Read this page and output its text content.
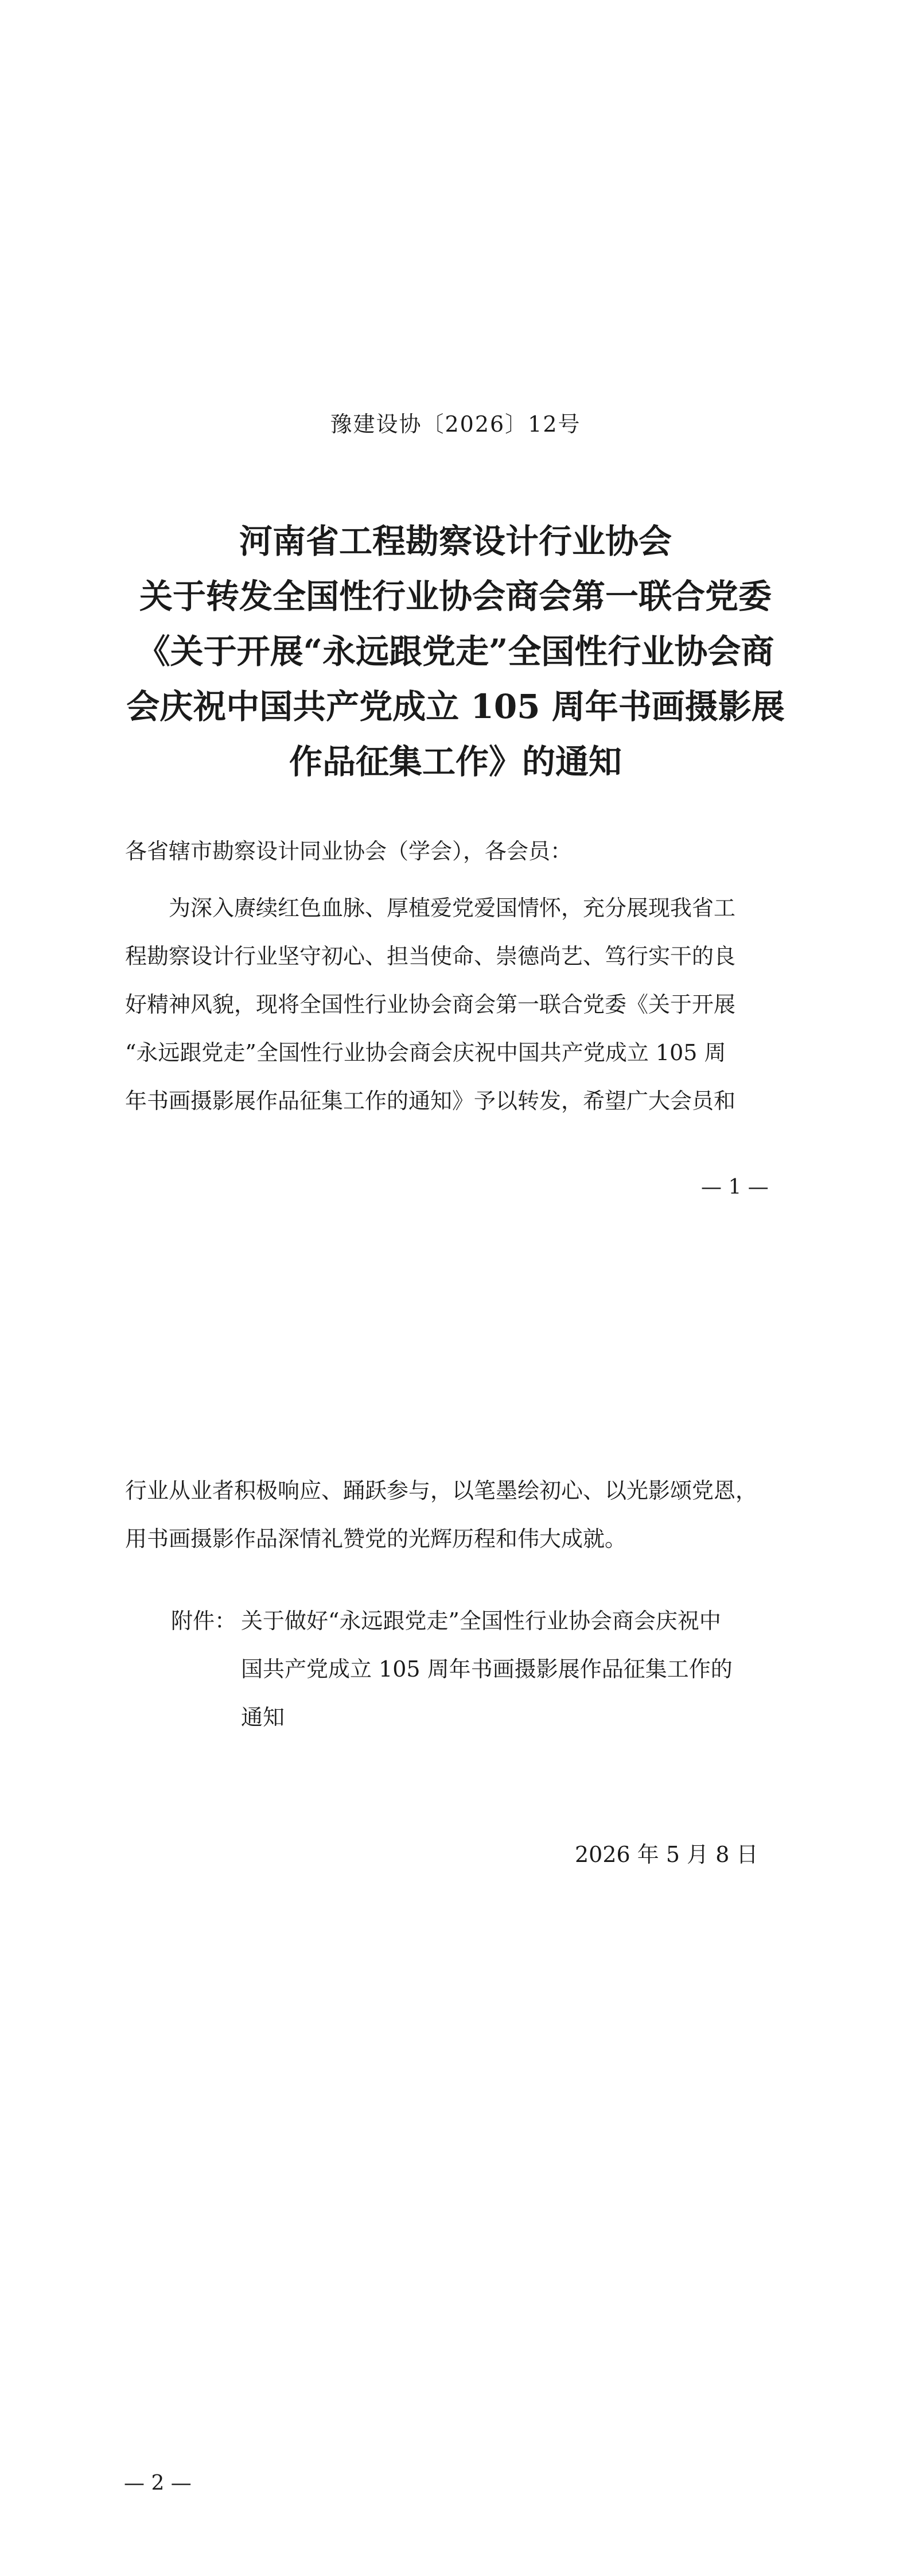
豫建设协〔2026〕12号
河南省工程勘察设计行业协会
关于转发全国性行业协会商会第一联合党委
《关于开展“永远跟党走”全国性行业协会商
会庆祝中国共产党成立 105 周年书画摄影展
作品征集工作》的通知
各省辖市勘察设计同业协会（学会），各会员：
为深入赓续红色血脉、厚植爱党爱国情怀，充分展现我省工
程勘察设计行业坚守初心、担当使命、崇德尚艺、笃行实干的良
好精神风貌，现将全国性行业协会商会第一联合党委《关于开展
“永远跟党走”全国性行业协会商会庆祝中国共产党成立 105 周
年书画摄影展作品征集工作的通知》予以转发，希望广大会员和
— 1 —
行业从业者积极响应、踊跃参与，以笔墨绘初心、以光影颂党恩，
用书画摄影作品深情礼赞党的光辉历程和伟大成就。
附件： 关于做好“永远跟党走”全国性行业协会商会庆祝中
国共产党成立 105 周年书画摄影展作品征集工作的
通知
2026 年 5 月 8 日
— 2 —
